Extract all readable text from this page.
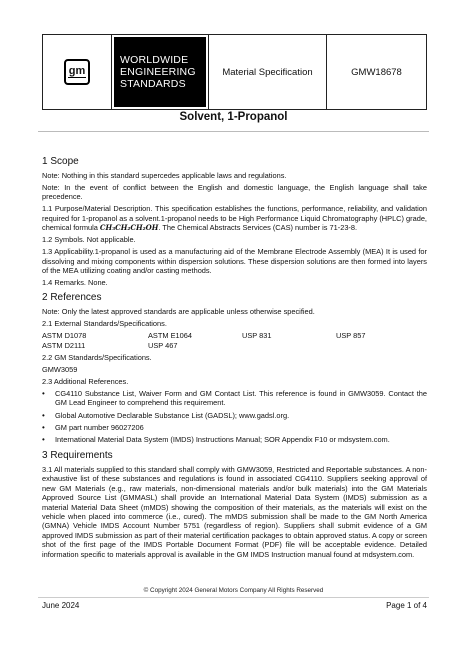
gm
WORLDWIDE
ENGINEERING
STANDARDS
Material Specification	GMW18678
Solvent, 1-Propanol
1 Scope

Note: Nothing in this standard supercedes applicable laws and regulations.

Note: In the event of conflict between the English and domestic language, the English language shall take precedence.

1.1 Purpose/Material Description. This specification establishes the functions, performance, reliability, and validation required for 1-propanol as a solvent.1-propanol needs to be High Performance Liquid Chromatography (HPLC) grade, chemical formula CH₃CH₂CH₂OH. The Chemical Abstracts Services (CAS) number is 71-23-8.

1.2 Symbols. Not applicable.

1.3 Applicability.1-propanol is used as a manufacturing aid of the Membrane Electrode Assembly (MEA) It is used for dissolving and mixing components within dispersion solutions. These dispersion solutions are then formed into layers of the MEA utilizing coating and/or casting methods.

1.4 Remarks. None.

2 References

Note: Only the latest approved standards are applicable unless otherwise specified.

2.1 External Standards/Specifications.

ASTM D1078	ASTM E1064	USP 831	USP 857
ASTM D2111	USP 467

2.2 GM Standards/Specifications.

GMW3059

2.3 Additional References.

• CG4110 Substance List, Waiver Form and GM Contact List. This reference is found in GMW3059. Contact the GM Lead Engineer to comprehend this requirement.
• Global Automotive Declarable Substance List (GADSL); www.gadsl.org.
• GM part number 96027206
• International Material Data System (IMDS) Instructions Manual; SOR Appendix F10 or mdsystem.com.
3 Requirements

3.1 All materials supplied to this standard shall comply with GMW3059, Restricted and Reportable substances. A non-exhaustive list of these substances and regulations is found in associated CG4110. Suppliers seeking approval of new GM Materials (e.g., raw materials, non-dimensional materials and/or bulk materials) into the GM Materials Approved Source List (GMMASL) shall provide an International Material Data System (IMDS) submission as a material Material Data Sheet (mMDS) showing the composition of their materials, as the materials will exist on the vehicle when placed into commerce (i.e., cured). The mMDS submission shall be made to the GM North America (GMNA) Vehicle IMDS Account Number 5751 (regardless of region). Suppliers shall submit evidence of a GM approved IMDS submission as part of their material certification packages to obtain approved status. A copy or screen shot of the first page of the IMDS Portable Document Format (PDF) file will be acceptable evidence. Detailed information specific to materials approval is available in the GM IMDS Instruction manual found at mdsystem.com.

© Copyright 2024 General Motors Company All Rights Reserved
June 2024	Page 1 of 4
